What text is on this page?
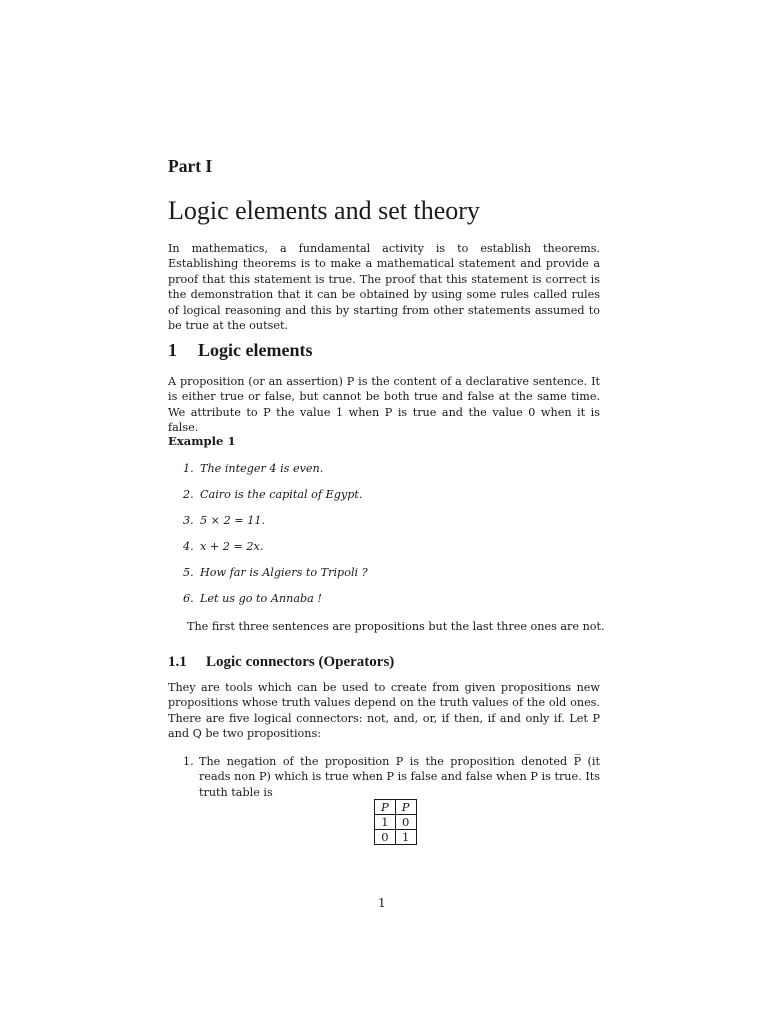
Part I
Logic elements and set theory
In mathematics, a fundamental activity is to establish theorems. Establishing theorems is to make a mathematical statement and provide a proof that this statement is true. The proof that this statement is correct is the demonstration that it can be obtained by using some rules called rules of logical reasoning and this by starting from other statements assumed to be true at the outset.
1 Logic elements
A proposition (or an assertion) P is the content of a declarative sentence. It is either true or false, but cannot be both true and false at the same time. We attribute to P the value 1 when P is true and the value 0 when it is false.
Example 1
1. The integer 4 is even.
2. Cairo is the capital of Egypt.
3. 5 × 2 = 11.
4. x + 2 = 2x.
5. How far is Algiers to Tripoli ?
6. Let us go to Annaba !
The first three sentences are propositions but the last three ones are not.
1.1 Logic connectors (Operators)
They are tools which can be used to create from given propositions new propositions whose truth values depend on the truth values of the old ones. There are five logical connectors: not, and, or, if then, if and only if. Let P and Q be two propositions:
1. The negation of the proposition P is the proposition denoted P̅ (it reads non P) which is true when P is false and false when P is true. Its truth table is
P	$\overline{P}$
1	0
0	1
1
